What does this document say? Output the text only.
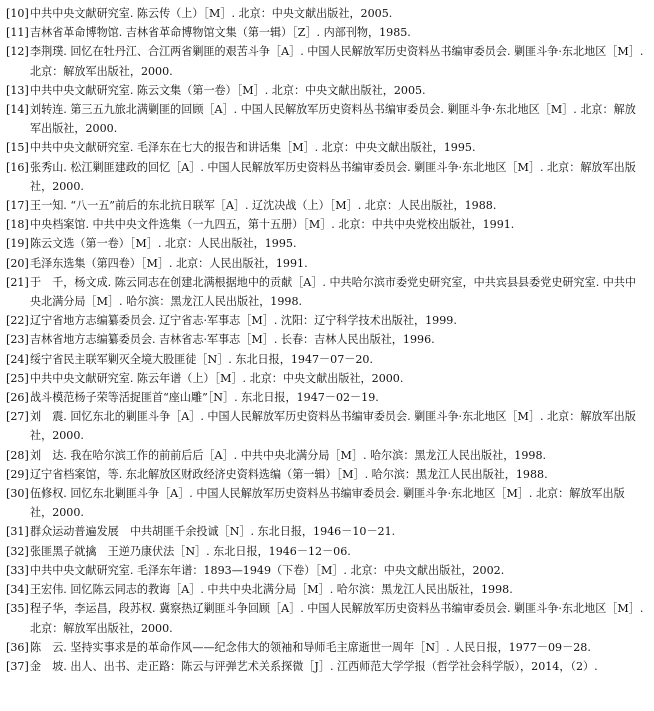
[10] 中共中央文献研究室. 陈云传（上）［M］. 北京：中央文献出版社，2005.
[11] 吉林省革命博物馆. 吉林省革命博物馆文集（第一辑）［Z］. 内部刊物，1985.
[12] 李荆璞. 回忆在牡丹江、合江两省剿匪的艰苦斗争［A］. 中国人民解放军历史资料丛书编审委员会. 剿匪斗争·东北地区［M］. 北京：解放军出版社，2000.
[13] 中共中央文献研究室. 陈云文集（第一卷）［M］. 北京：中央文献出版社，2005.
[14] 刘转连. 第三五九旅北满剿匪的回顾［A］. 中国人民解放军历史资料丛书编审委员会. 剿匪斗争·东北地区［M］. 北京：解放军出版社，2000.
[15] 中共中央文献研究室. 毛泽东在七大的报告和讲话集［M］. 北京：中央文献出版社，1995.
[16] 张秀山. 松江剿匪建政的回忆［A］. 中国人民解放军历史资料丛书编审委员会. 剿匪斗争·东北地区［M］. 北京：解放军出版社，2000.
[17] 王一知. “八一五”前后的东北抗日联军［A］. 辽沈决战（上）［M］. 北京：人民出版社，1988.
[18] 中央档案馆. 中共中央文件选集（一九四五，第十五册）［M］. 北京：中共中央党校出版社，1991.
[19] 陈云文选（第一卷）［M］. 北京：人民出版社，1995.
[20] 毛泽东选集（第四卷）［M］. 北京：人民出版社，1991.
[21] 于　千，杨文成. 陈云同志在创建北满根据地中的贡献［A］. 中共哈尔滨市委党史研究室，中共宾县县委党史研究室. 中共中央北满分局［M］. 哈尔滨：黑龙江人民出版社，1998.
[22] 辽宁省地方志编纂委员会. 辽宁省志·军事志［M］. 沈阳：辽宁科学技术出版社，1999.
[23] 吉林省地方志编纂委员会. 吉林省志·军事志［M］. 长春：吉林人民出版社，1996.
[24] 绥宁省民主联军剿灭全境大股匪徒［N］. 东北日报，1947－07－20.
[25] 中共中央文献研究室. 陈云年谱（上）［M］. 北京：中央文献出版社，2000.
[26] 战斗模范杨子荣等活捉匪首“座山雕”［N］. 东北日报，1947－02－19.
[27] 刘　震. 回忆东北的剿匪斗争［A］. 中国人民解放军历史资料丛书编审委员会. 剿匪斗争·东北地区［M］. 北京：解放军出版社，2000.
[28] 刘　达. 我在哈尔滨工作的前前后后［A］. 中共中央北满分局［M］. 哈尔滨：黑龙江人民出版社，1998.
[29] 辽宁省档案馆，等. 东北解放区财政经济史资料选编（第一辑）［M］. 哈尔滨：黑龙江人民出版社，1988.
[30] 伍修权. 回忆东北剿匪斗争［A］. 中国人民解放军历史资料丛书编审委员会. 剿匪斗争·东北地区［M］. 北京：解放军出版社，2000.
[31] 群众运动普遍发展　中共胡匪千余投诚［N］. 东北日报，1946－10－21.
[32] 张匪黑子就擒　王逆乃康伏法［N］. 东北日报，1946－12－06.
[33] 中共中央文献研究室. 毛泽东年谱：1893—1949（下卷）［M］. 北京：中央文献出版社，2002.
[34] 王宏伟. 回忆陈云同志的教诲［A］. 中共中央北满分局［M］. 哈尔滨：黑龙江人民出版社，1998.
[35] 程子华，李运昌，段苏权. 冀察热辽剿匪斗争回顾［A］. 中国人民解放军历史资料丛书编审委员会. 剿匪斗争·东北地区［M］. 北京：解放军出版社，2000.
[36] 陈　云. 坚持实事求是的革命作风——纪念伟大的领袖和导师毛主席逝世一周年［N］. 人民日报，1977－09－28.
[37] 金　坡. 出人、出书、走正路：陈云与评弹艺术关系探微［J］. 江西师范大学学报（哲学社会科学版），2014，（2）.
